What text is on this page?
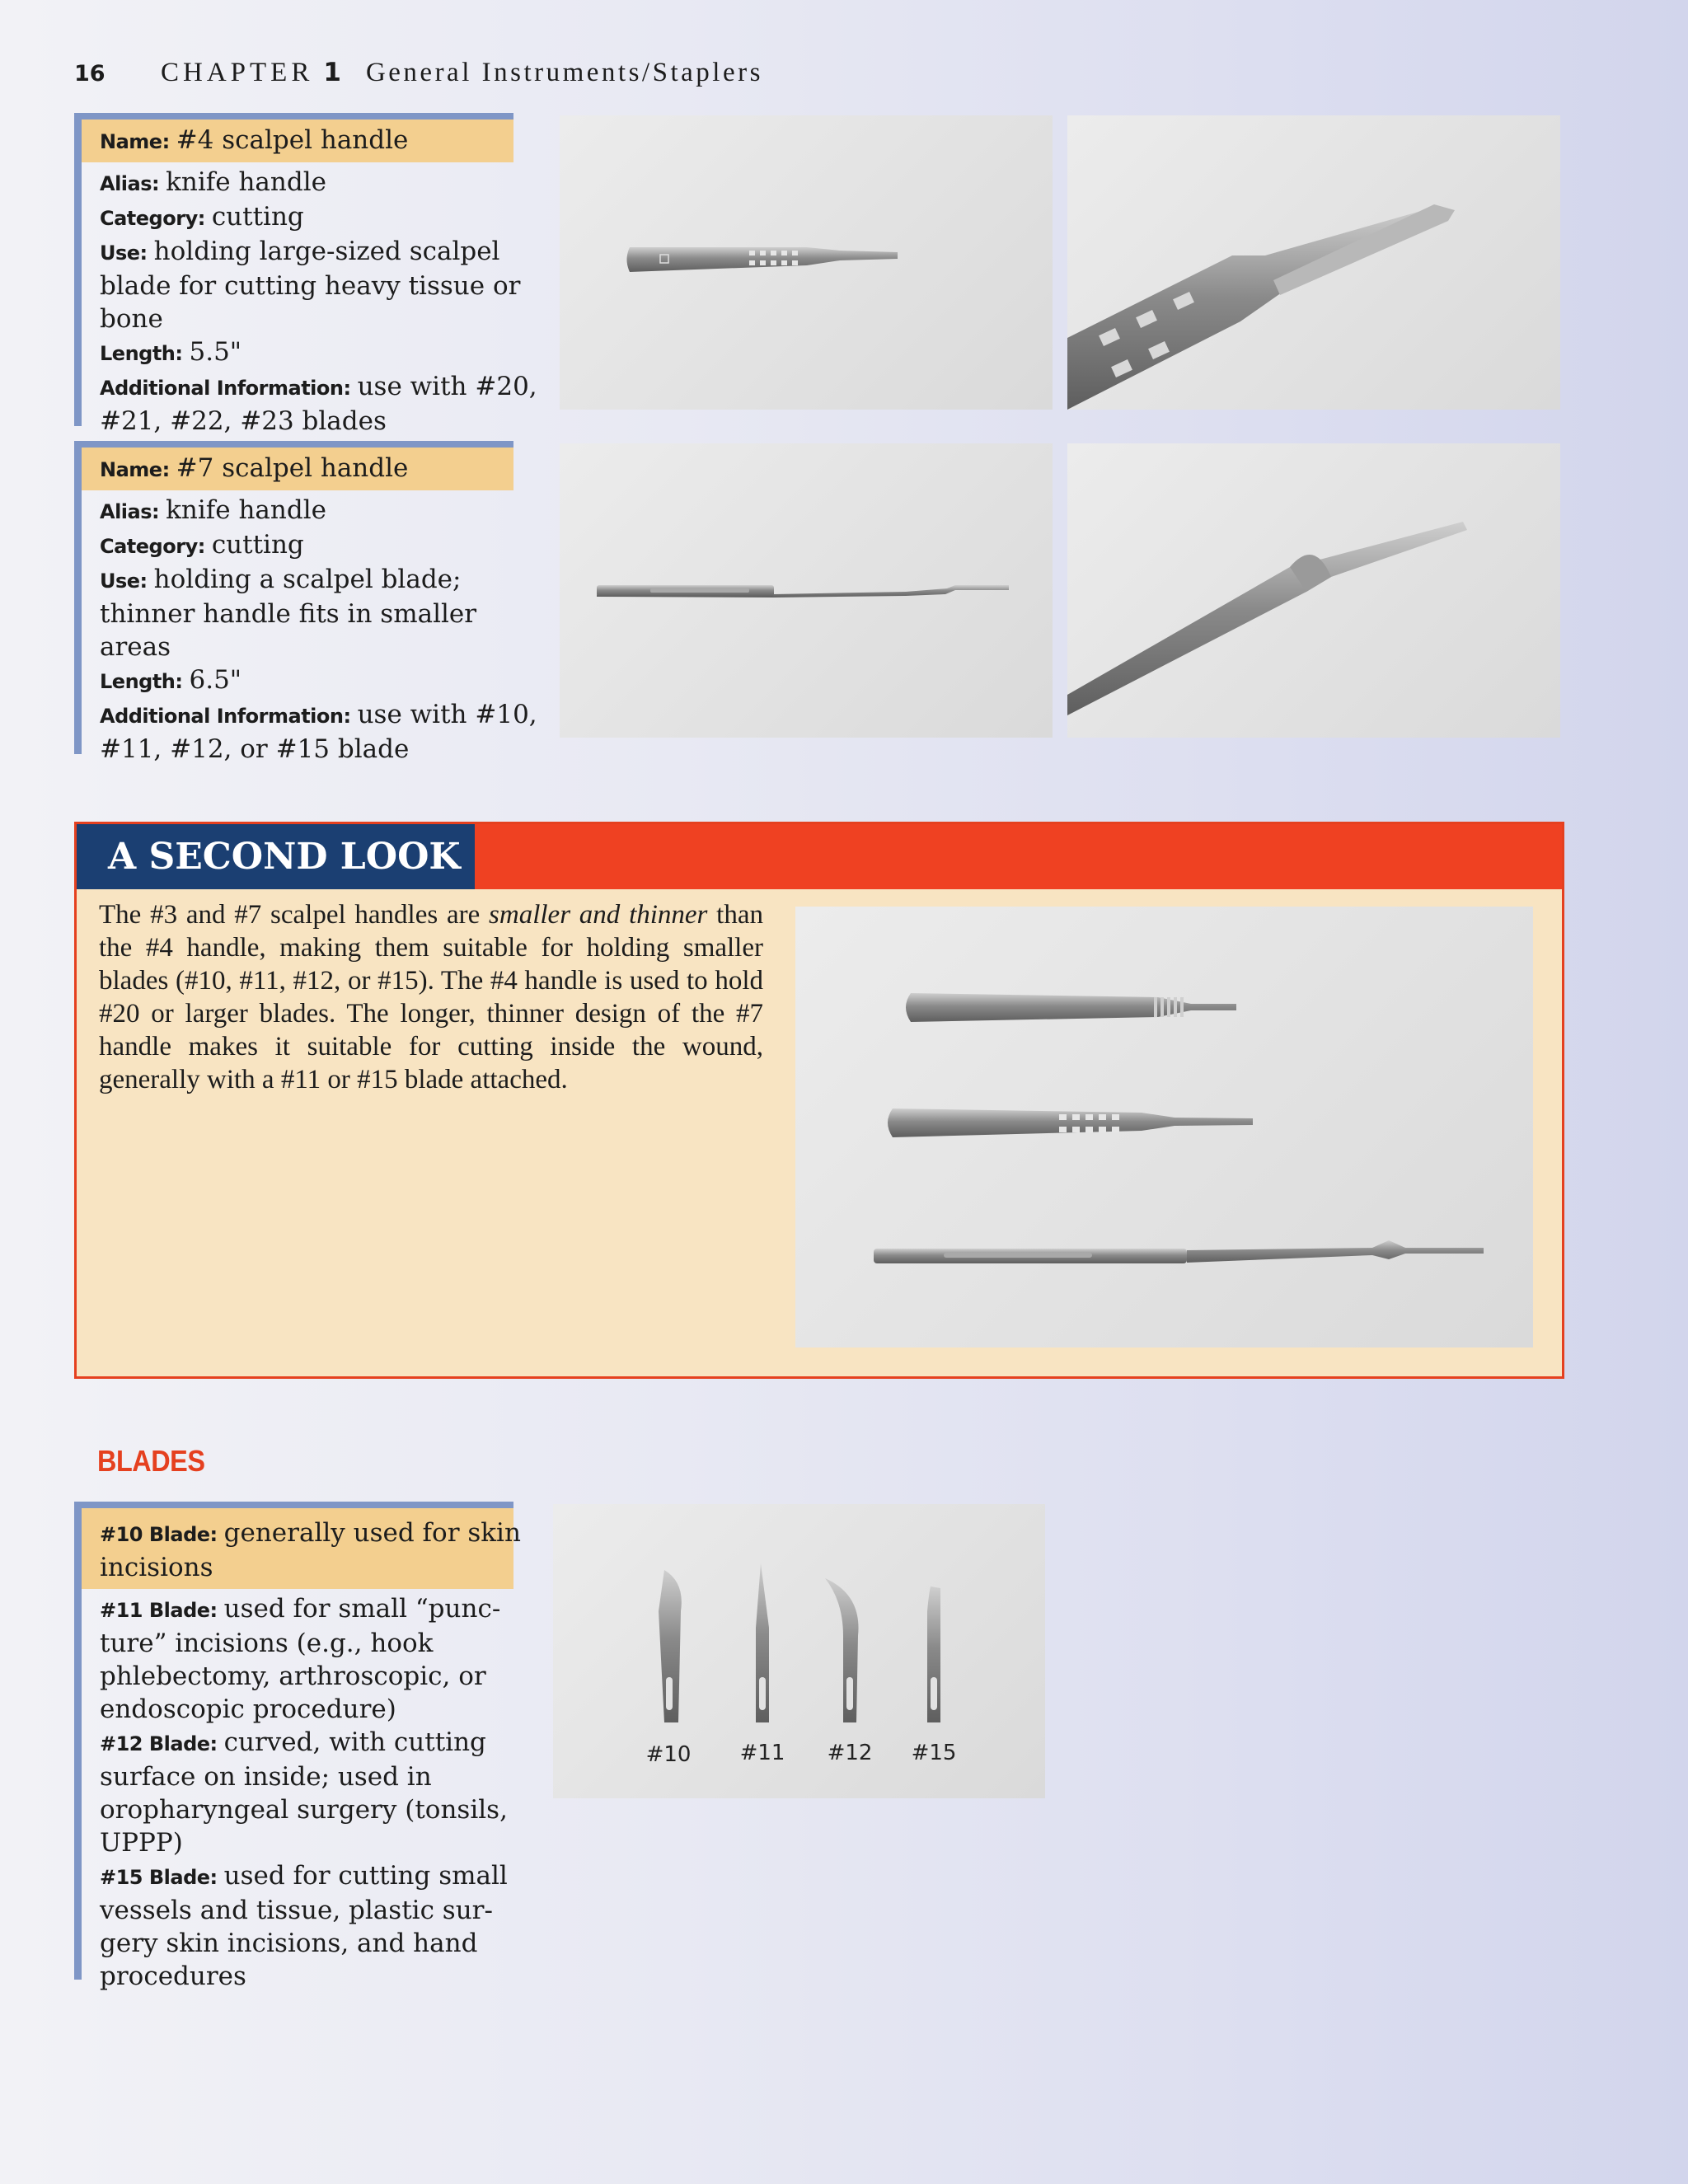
16	CHAPTER 1 General Instruments/Staplers
Name: #4 scalpel handle
Alias: knife handle
Category: cutting
Use: holding large-sized scalpel
blade for cutting heavy tissue or
bone
Length: 5.5"
Additional Information: use with #20,
#21, #22, #23 blades
Name: #7 scalpel handle
Alias: knife handle
Category: cutting
Use: holding a scalpel blade;
thinner handle fits in smaller
areas
Length: 6.5"
Additional Information: use with #10,
#11, #12, or #15 blade
A SECOND LOOK
The #3 and #7 scalpel handles are smaller and thinner than the #4 handle, making them suitable for holding smaller blades (#10, #11, #12, or #15). The #4 handle is used to hold #20 or larger blades. The longer, thinner design of the #7 handle makes it suitable for cutting inside the wound, generally with a #11 or #15 blade attached.
BLADES
#10 Blade: generally used for skin
incisions
#11 Blade: used for small “punc-
ture” incisions (e.g., hook
phlebectomy, arthroscopic, or
endoscopic procedure)
#12 Blade: curved, with cutting
surface on inside; used in
oropharyngeal surgery (tonsils,
UPPP)
#15 Blade: used for cutting small
vessels and tissue, plastic sur-
gery skin incisions, and hand
procedures
#10 #11 #12 #15
